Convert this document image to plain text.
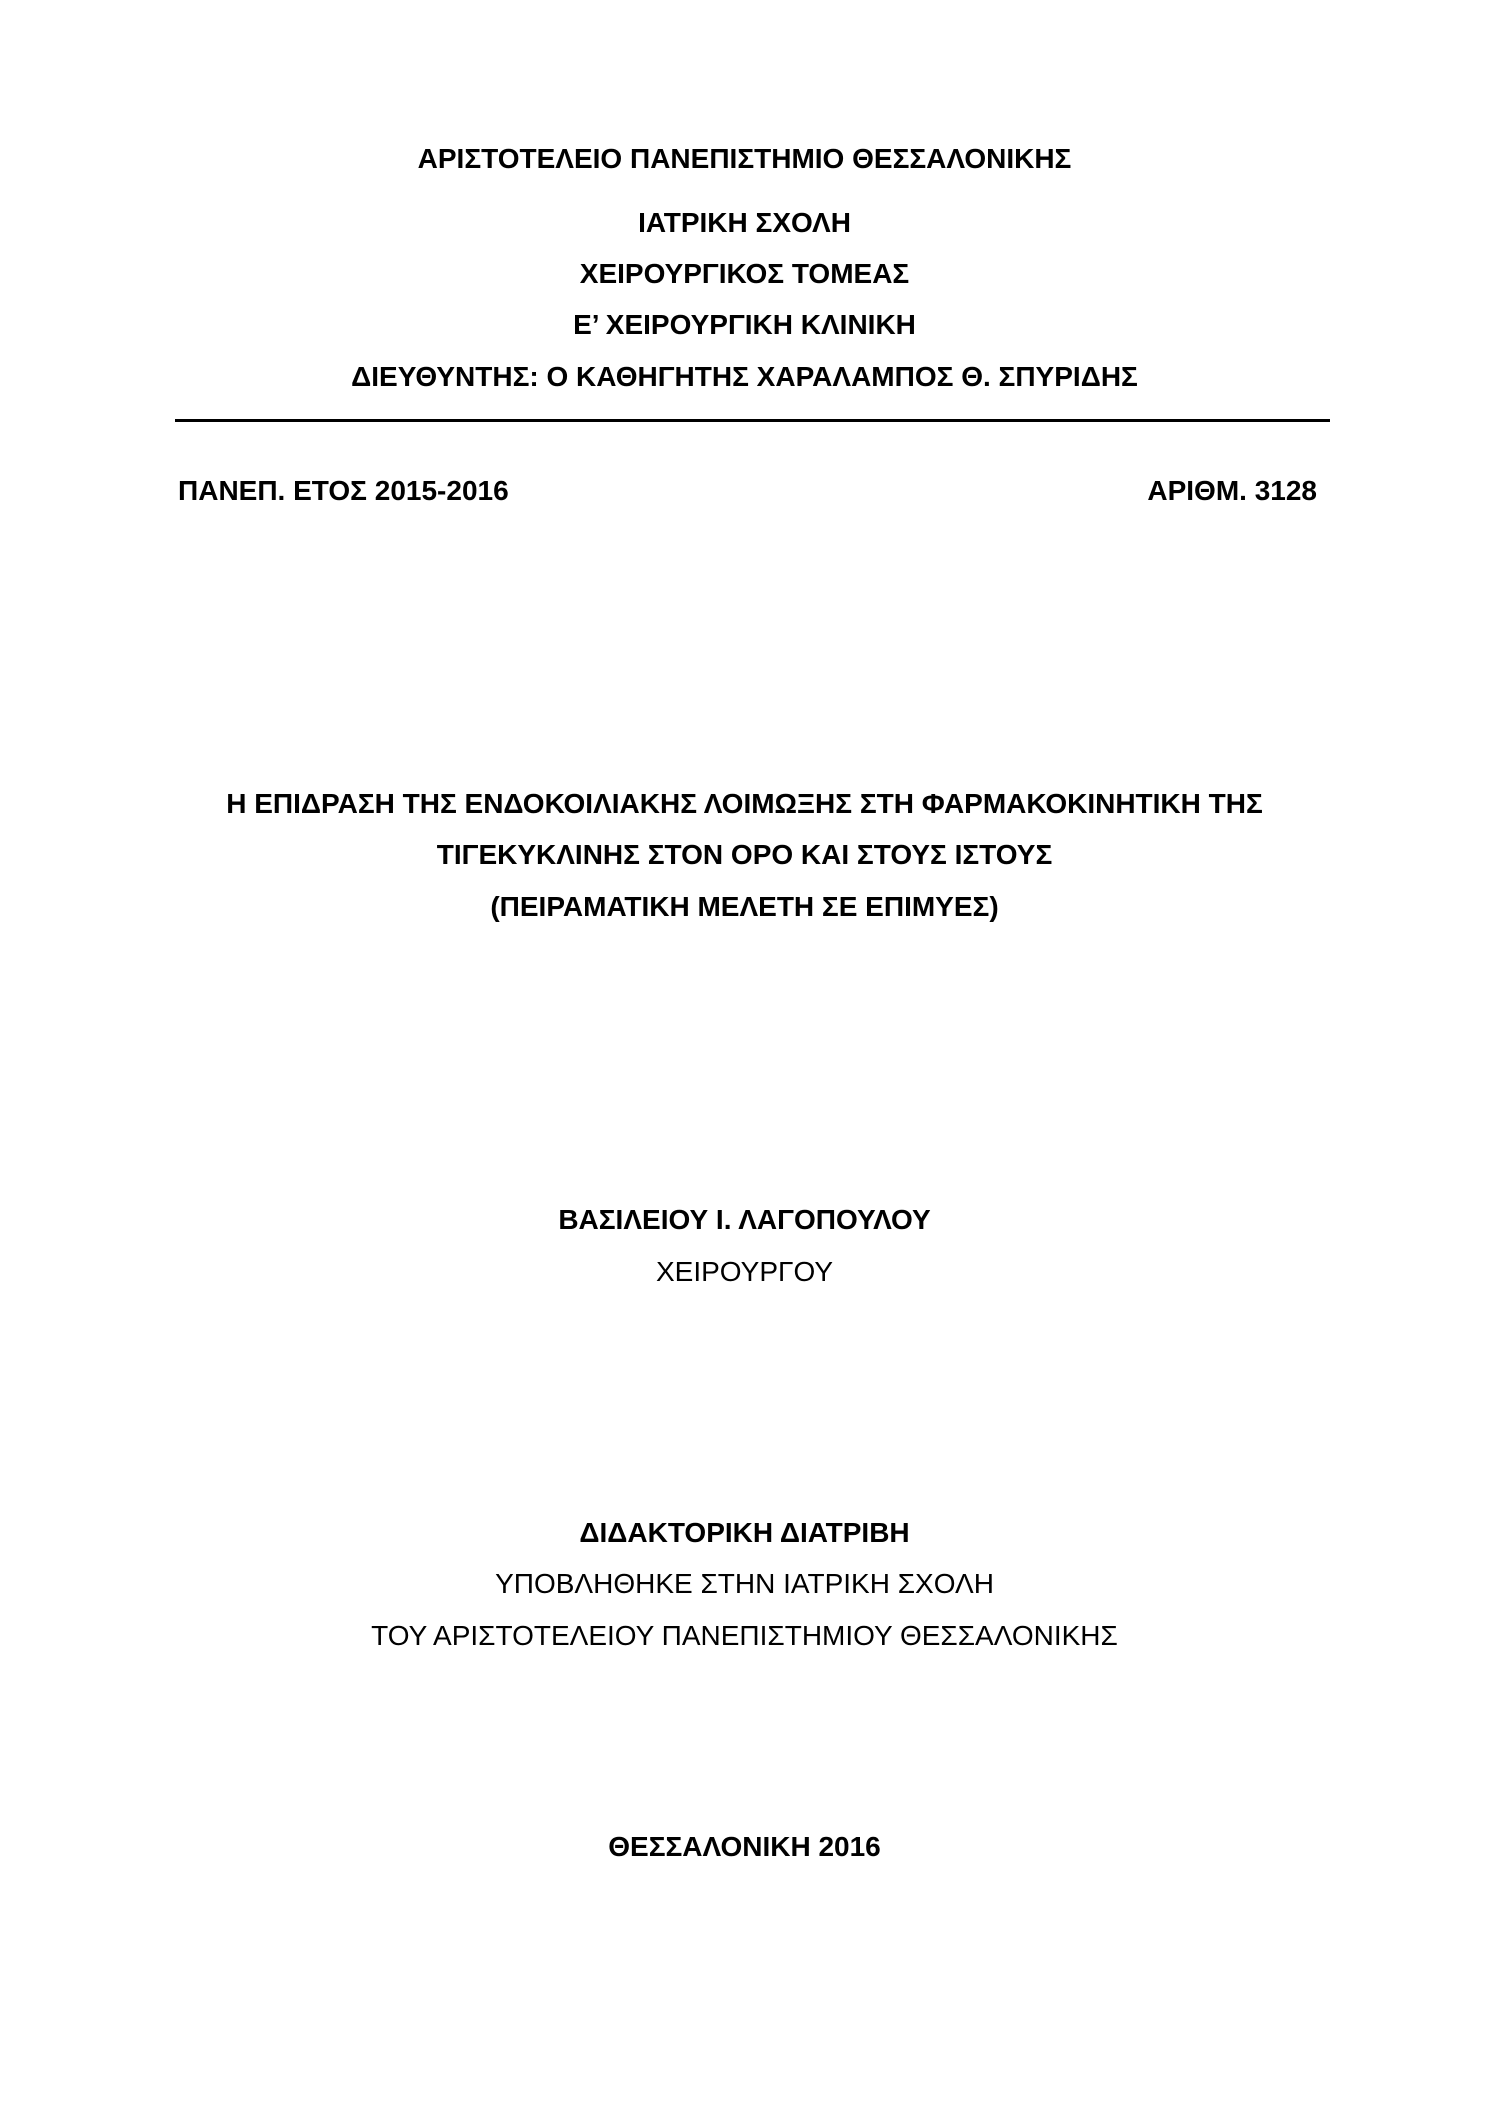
ΑΡΙΣΤΟΤΕΛΕΙΟ ΠΑΝΕΠΙΣΤΗΜΙΟ ΘΕΣΣΑΛΟΝΙΚΗΣ
ΙΑΤΡΙΚΗ ΣΧΟΛΗ
ΧΕΙΡΟΥΡΓΙΚΟΣ ΤΟΜΕΑΣ
Ε’ ΧΕΙΡΟΥΡΓΙΚΗ ΚΛΙΝΙΚΗ
ΔΙΕΥΘΥΝΤΗΣ: Ο ΚΑΘΗΓΗΤΗΣ ΧΑΡΑΛΑΜΠΟΣ Θ. ΣΠΥΡΙΔΗΣ
ΠΑΝΕΠ. ΕΤΟΣ 2015-2016	ΑΡΙΘΜ. 3128
Η ΕΠΙΔΡΑΣΗ ΤΗΣ ΕΝΔΟΚΟΙΛΙΑΚΗΣ ΛΟΙΜΩΞΗΣ ΣΤΗ ΦΑΡΜΑΚΟΚΙΝΗΤΙΚΗ ΤΗΣ
ΤΙΓΕΚΥΚΛΙΝΗΣ ΣΤΟΝ ΟΡΟ ΚΑΙ ΣΤΟΥΣ ΙΣΤΟΥΣ
(ΠΕΙΡΑΜΑΤΙΚΗ ΜΕΛΕΤΗ ΣΕ ΕΠΙΜΥΕΣ)
ΒΑΣΙΛΕΙΟΥ Ι. ΛΑΓΟΠΟΥΛΟΥ
ΧΕΙΡΟΥΡΓΟΥ
ΔΙΔΑΚΤΟΡΙΚΗ ΔΙΑΤΡΙΒΗ
ΥΠΟΒΛΗΘΗΚΕ ΣΤΗΝ ΙΑΤΡΙΚΗ ΣΧΟΛΗ
ΤΟΥ ΑΡΙΣΤΟΤΕΛΕΙΟΥ ΠΑΝΕΠΙΣΤΗΜΙΟΥ ΘΕΣΣΑΛΟΝΙΚΗΣ
ΘΕΣΣΑΛΟΝΙΚΗ 2016
